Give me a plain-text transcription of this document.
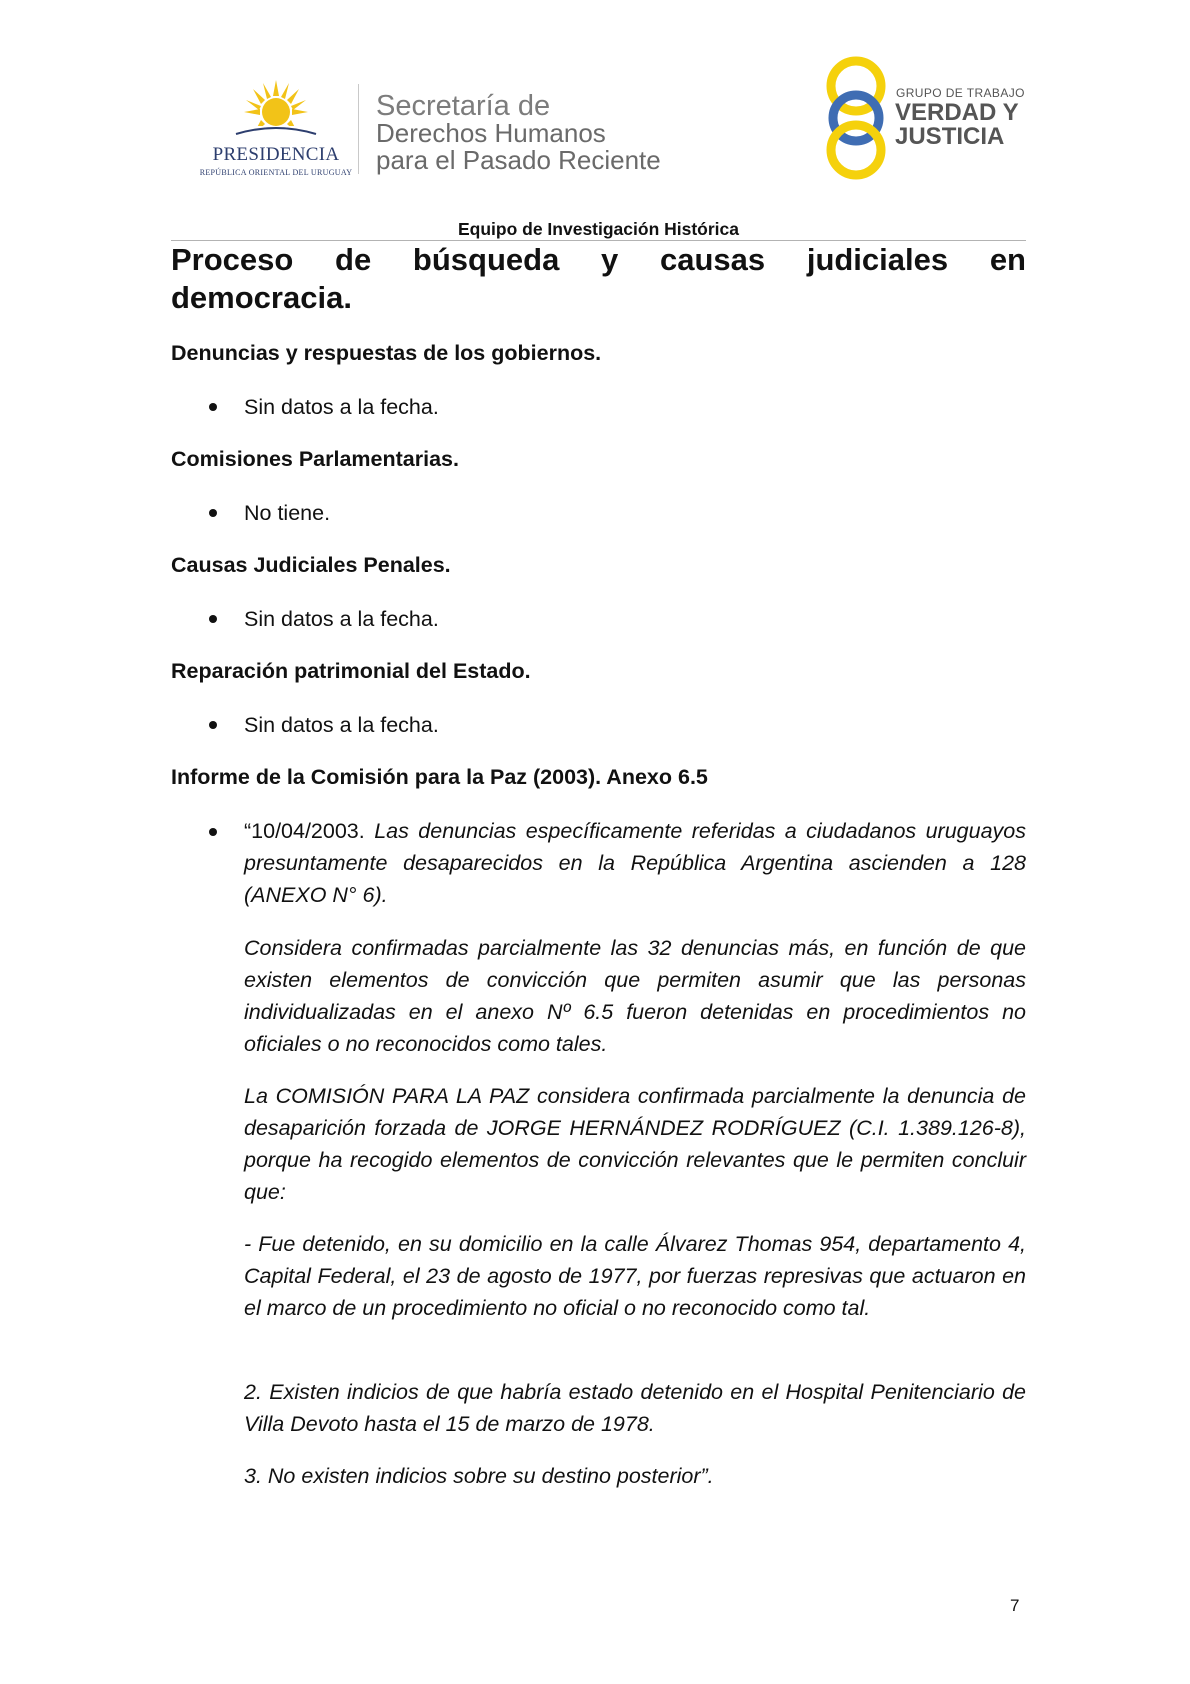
PRESIDENCIA
REPÚBLICA ORIENTAL DEL URUGUAY
Secretaría de
Derechos Humanos
para el Pasado Reciente
GRUPO DE TRABAJO
VERDAD Y
JUSTICIA
Equipo de Investigación Histórica
Proceso de búsqueda y causas judiciales en
democracia.
Denuncias y respuestas de los gobiernos.
Sin datos a la fecha.
Comisiones Parlamentarias.
No tiene.
Causas Judiciales Penales.
Sin datos a la fecha.
Reparación patrimonial del Estado.
Sin datos a la fecha.
Informe de la Comisión para la Paz (2003). Anexo 6.5

“10/04/2003. Las denuncias específicamente referidas a ciudadanos uruguayos presuntamente desaparecidos en la República Argentina ascienden a 128 (ANEXO N° 6).

Considera confirmadas parcialmente las 32 denuncias más, en función de que existen elementos de convicción que permiten asumir que las personas individualizadas en el anexo Nº 6.5 fueron detenidas en procedimientos no oficiales o no reconocidos como tales.

La COMISIÓN PARA LA PAZ considera confirmada parcialmente la denuncia de desaparición forzada de JORGE HERNÁNDEZ RODRÍGUEZ (C.I. 1.389.126-8), porque ha recogido elementos de convicción relevantes que le permiten concluir que:

- Fue detenido, en su domicilio en la calle Álvarez Thomas 954, departamento 4, Capital Federal, el 23 de agosto de 1977, por fuerzas represivas que actuaron en el marco de un procedimiento no oficial o no reconocido como tal.

2. Existen indicios de que habría estado detenido en el Hospital Penitenciario de Villa Devoto hasta el 15 de marzo de 1978.

3. No existen indicios sobre su destino posterior”.

7
